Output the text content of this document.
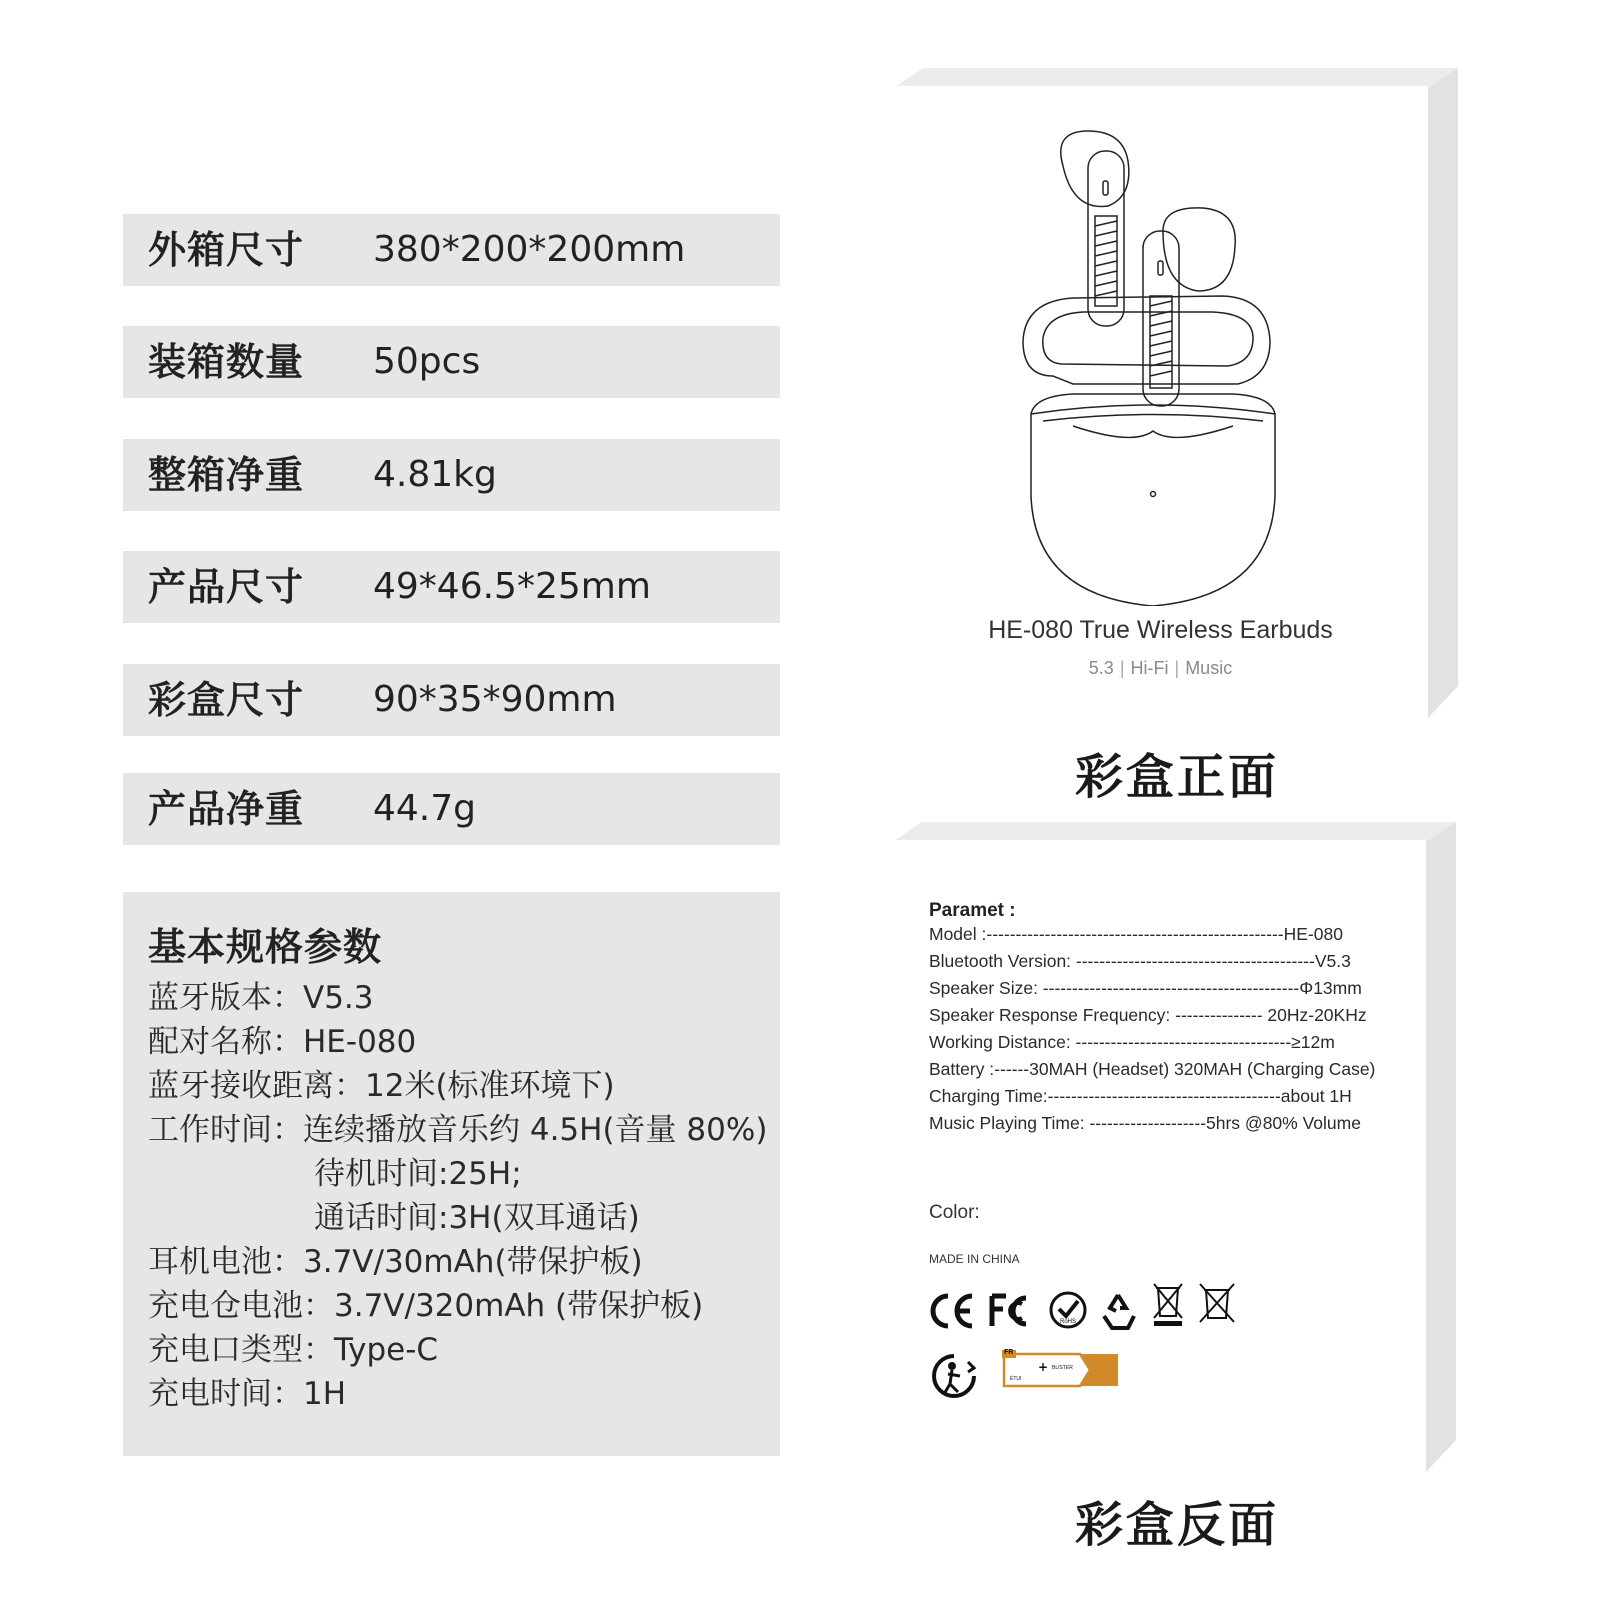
外箱尺寸 380*200*200mm
装箱数量 50pcs
整箱净重 4.81kg
产品尺寸 49*46.5*25mm
彩盒尺寸 90*35*90mm
产品净重 44.7g
基本规格参数
蓝牙版本：V5.3
配对名称：HE-080
蓝牙接收距离：12米(标准环境下)
工作时间：连续播放音乐约 4.5H(音量 80%)
待机时间:25H;
通话时间:3H(双耳通话)
耳机电池：3.7V/30mAh(带保护板)
充电仓电池：3.7V/320mAh (带保护板)
充电口类型：Type-C
充电时间：1H
HE-080 True Wireless Earbuds
5.3 | Hi-Fi | Music
彩盒正面
Paramet :
Model :---------------------------------------------------HE-080
Bluetooth Version: -----------------------------------------V5.3
Speaker Size: --------------------------------------------Φ13mm
Speaker Response Frequency: --------------- 20Hz-20KHz
Working Distance: -------------------------------------≥12m
Battery :------30MAH (Headset) 320MAH (Charging Case)
Charging Time:----------------------------------------about 1H
Music Playing Time: --------------------5hrs @80% Volume
Color:
MADE IN CHINA
RoHS
FR
ÉTUI
+ BLISTER
彩盒反面
